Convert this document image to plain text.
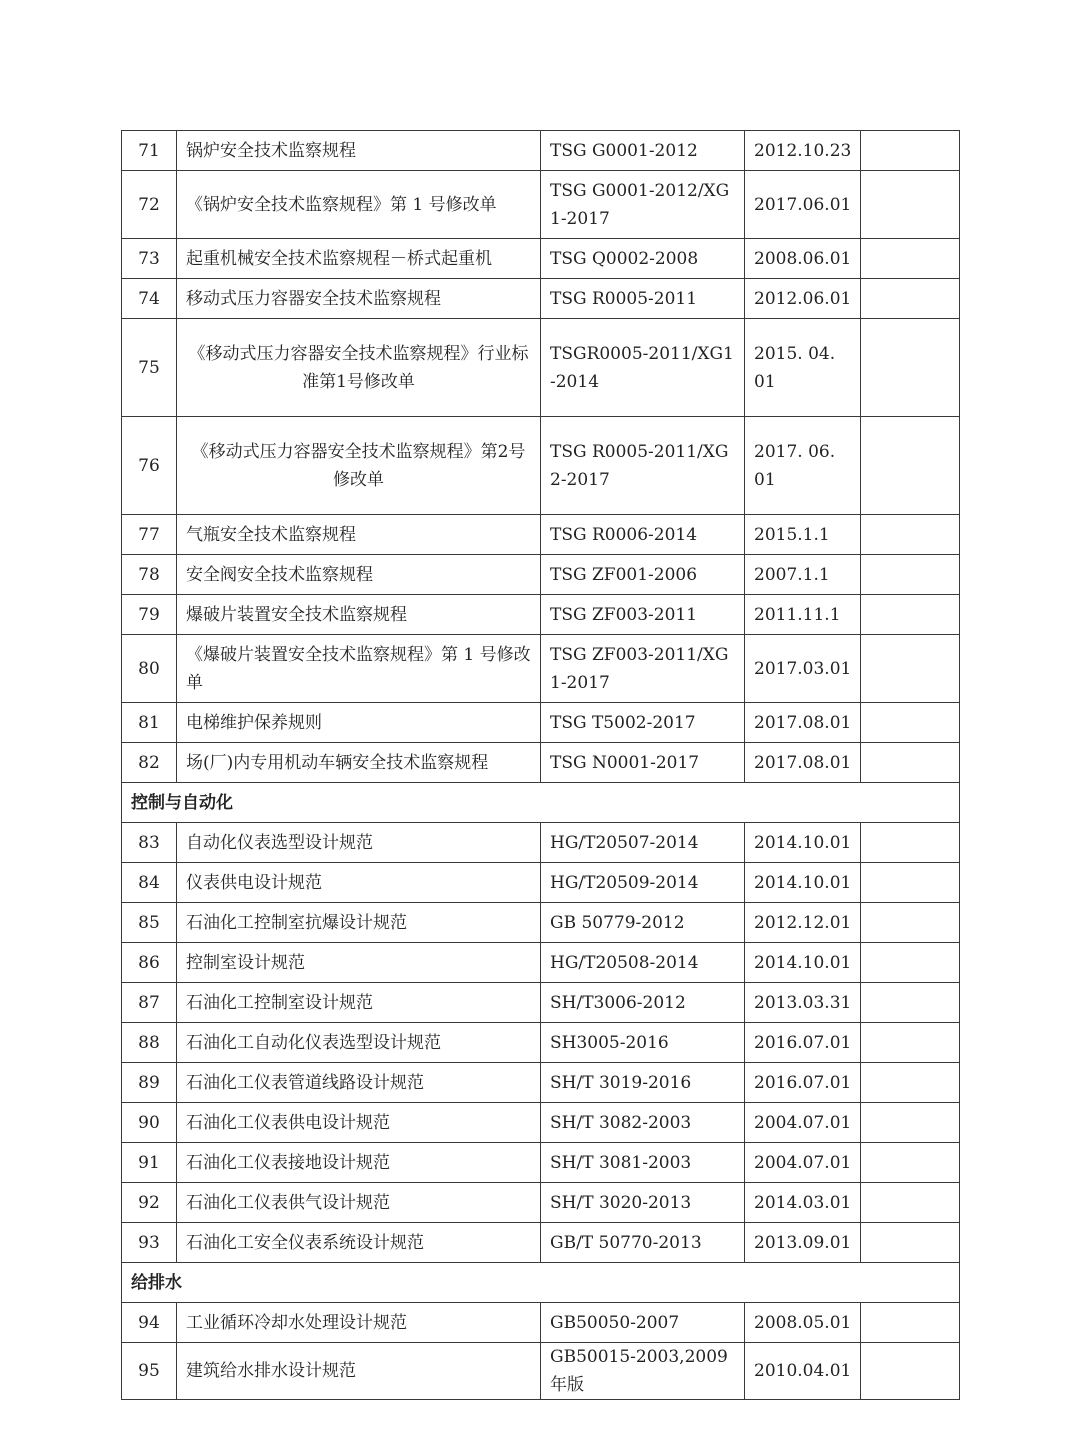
71	锅炉安全技术监察规程	TSG G0001-2012	2012.10.23	
72	《锅炉安全技术监察规程》第 1 号修改单	TSG G0001-2012/XG1-2017	2017.06.01	
73	起重机械安全技术监察规程－桥式起重机	TSG Q0002-2008	2008.06.01	
74	移动式压力容器安全技术监察规程	TSG R0005-2011	2012.06.01	
75	《移动式压力容器安全技术监察规程》行业标准第1号修改单	TSGR0005-2011/XG1-2014	2015. 04. 01	
76	《移动式压力容器安全技术监察规程》第2号修改单	TSG R0005-2011/XG2-2017	2017. 06. 01	
77	气瓶安全技术监察规程	TSG R0006-2014	2015.1.1	
78	安全阀安全技术监察规程	TSG ZF001-2006	2007.1.1	
79	爆破片装置安全技术监察规程	TSG ZF003-2011	2011.11.1	
80	《爆破片装置安全技术监察规程》第 1 号修改单	TSG ZF003-2011/XG1-2017	2017.03.01	
81	电梯维护保养规则	TSG T5002-2017	2017.08.01	
82	场(厂)内专用机动车辆安全技术监察规程	TSG N0001-2017	2017.08.01	
控制与自动化				
83	自动化仪表选型设计规范	HG/T20507-2014	2014.10.01	
84	仪表供电设计规范	HG/T20509-2014	2014.10.01	
85	石油化工控制室抗爆设计规范	GB 50779-2012	2012.12.01	
86	控制室设计规范	HG/T20508-2014	2014.10.01	
87	石油化工控制室设计规范	SH/T3006-2012	2013.03.31	
88	石油化工自动化仪表选型设计规范	SH3005-2016	2016.07.01	
89	石油化工仪表管道线路设计规范	SH/T 3019-2016	2016.07.01	
90	石油化工仪表供电设计规范	SH/T 3082-2003	2004.07.01	
91	石油化工仪表接地设计规范	SH/T 3081-2003	2004.07.01	
92	石油化工仪表供气设计规范	SH/T 3020-2013	2014.03.01	
93	石油化工安全仪表系统设计规范	GB/T 50770-2013	2013.09.01	
给排水				
94	工业循环冷却水处理设计规范	GB50050-2007	2008.05.01	
95	建筑给水排水设计规范	GB50015-2003,2009 年版	2010.04.01	
